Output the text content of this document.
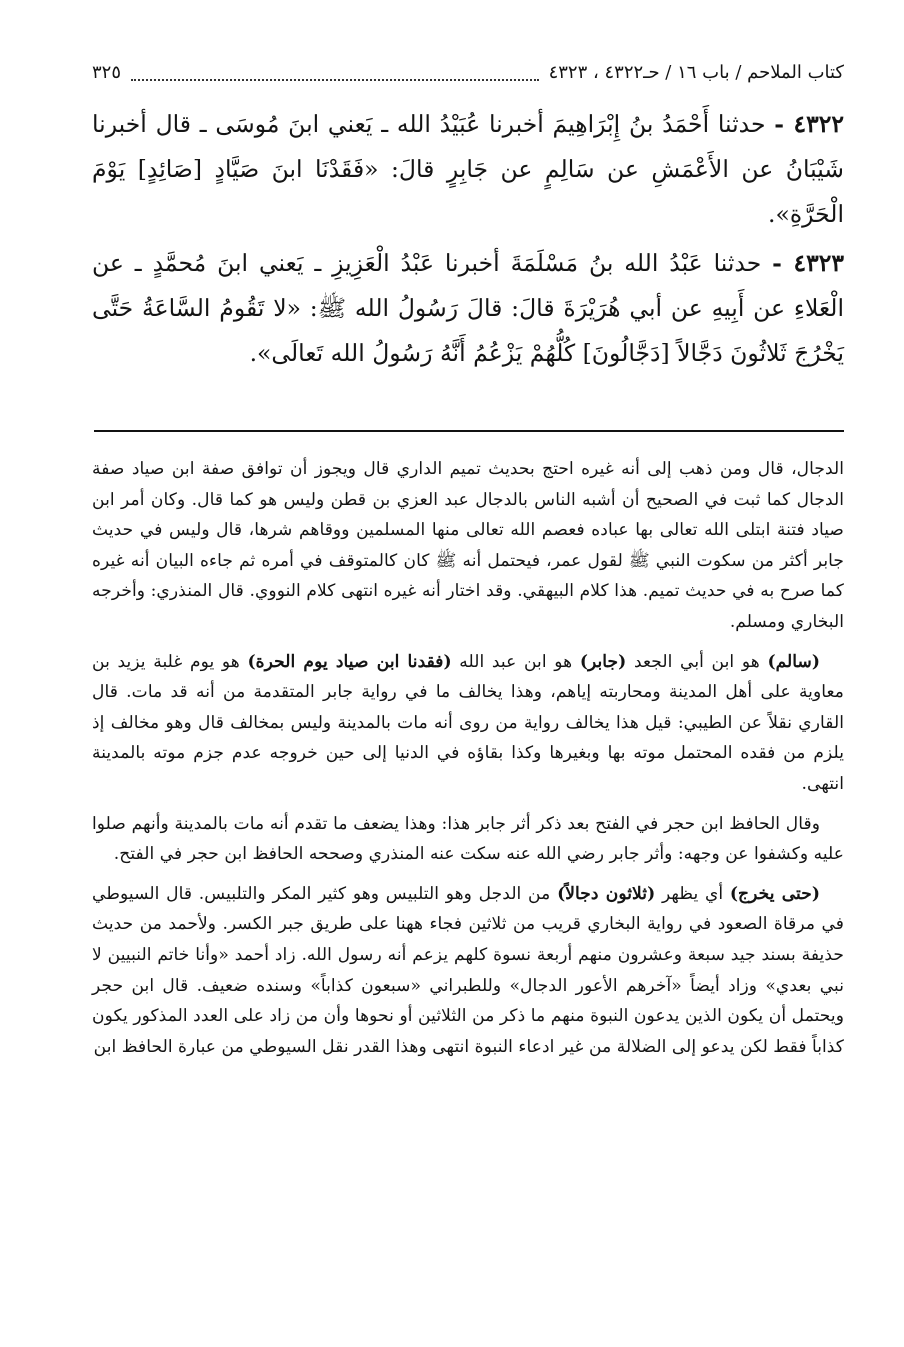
كتاب الملاحم / باب ١٦ / حـ٤٣٢٢ ، ٤٣٢٣
٣٢٥

٤٣٢٢ - حدثنا أَحْمَدُ بنُ إِبْرَاهِيمَ أخبرنا عُبَيْدُ الله ـ يَعني ابنَ مُوسَى ـ قال أخبرنا شَيْبَانُ عن الأَعْمَشِ عن سَالِمٍ عن جَابِرٍ قالَ: «فَقَدْنَا ابنَ صَيَّادٍ [صَائِدٍ] يَوْمَ الْحَرَّةِ».

٤٣٢٣ - حدثنا عَبْدُ الله بنُ مَسْلَمَةَ أخبرنا عَبْدُ الْعَزِيزِ ـ يَعني ابنَ مُحمَّدٍ ـ عن الْعَلاءِ عن أَبِيهِ عن أبي هُرَيْرَةَ قالَ: قالَ رَسُولُ الله ﷺ: «لا تَقُومُ السَّاعَةُ حَتَّى يَخْرُجَ ثَلاثُونَ دَجَّالاً [دَجَّالُونَ] كُلُّهُمْ يَزْعُمُ أَنَّهُ رَسُولُ الله تَعالَى».

الدجال، قال ومن ذهب إلى أنه غيره احتج بحديث تميم الداري قال ويجوز أن توافق صفة ابن صياد صفة الدجال كما ثبت في الصحيح أن أشبه الناس بالدجال عبد العزي بن قطن وليس هو كما قال. وكان أمر ابن صياد فتنة ابتلى الله تعالى بها عباده فعصم الله تعالى منها المسلمين ووقاهم شرها، قال وليس في حديث جابر أكثر من سكوت النبي ﷺ لقول عمر، فيحتمل أنه ﷺ كان كالمتوقف في أمره ثم جاءه البيان أنه غيره كما صرح به في حديث تميم. هذا كلام البيهقي. وقد اختار أنه غيره انتهى كلام النووي. قال المنذري: وأخرجه البخاري ومسلم.

(سالم) هو ابن أبي الجعد (جابر) هو ابن عبد الله (فقدنا ابن صياد يوم الحرة) هو يوم غلبة يزيد بن معاوية على أهل المدينة ومحاربته إياهم، وهذا يخالف ما في رواية جابر المتقدمة من أنه قد مات. قال القاري نقلاً عن الطيبي: قيل هذا يخالف رواية من روى أنه مات بالمدينة وليس بمخالف قال وهو مخالف إذ يلزم من فقده المحتمل موته بها وبغيرها وكذا بقاؤه في الدنيا إلى حين خروجه عدم جزم موته بالمدينة انتهى.

وقال الحافظ ابن حجر في الفتح بعد ذكر أثر جابر هذا: وهذا يضعف ما تقدم أنه مات بالمدينة وأنهم صلوا عليه وكشفوا عن وجهه: وأثر جابر رضي الله عنه سكت عنه المنذري وصححه الحافظ ابن حجر في الفتح.

(حتى يخرج) أي يظهر (ثلاثون دجالاً) من الدجل وهو التلبيس وهو كثير المكر والتلبيس. قال السيوطي في مرقاة الصعود في رواية البخاري قريب من ثلاثين فجاء ههنا على طريق جبر الكسر. ولأحمد من حديث حذيفة بسند جيد سبعة وعشرون منهم أربعة نسوة كلهم يزعم أنه رسول الله. زاد أحمد «وأنا خاتم النبيين لا نبي بعدي» وزاد أيضاً «آخرهم الأعور الدجال» وللطبراني «سبعون كذاباً» وسنده ضعيف. قال ابن حجر ويحتمل أن يكون الذين يدعون النبوة منهم ما ذكر من الثلاثين أو نحوها وأن من زاد على العدد المذكور يكون كذاباً فقط لكن يدعو إلى الضلالة من غير ادعاء النبوة انتهى وهذا القدر نقل السيوطي من عبارة الحافظ ابن
